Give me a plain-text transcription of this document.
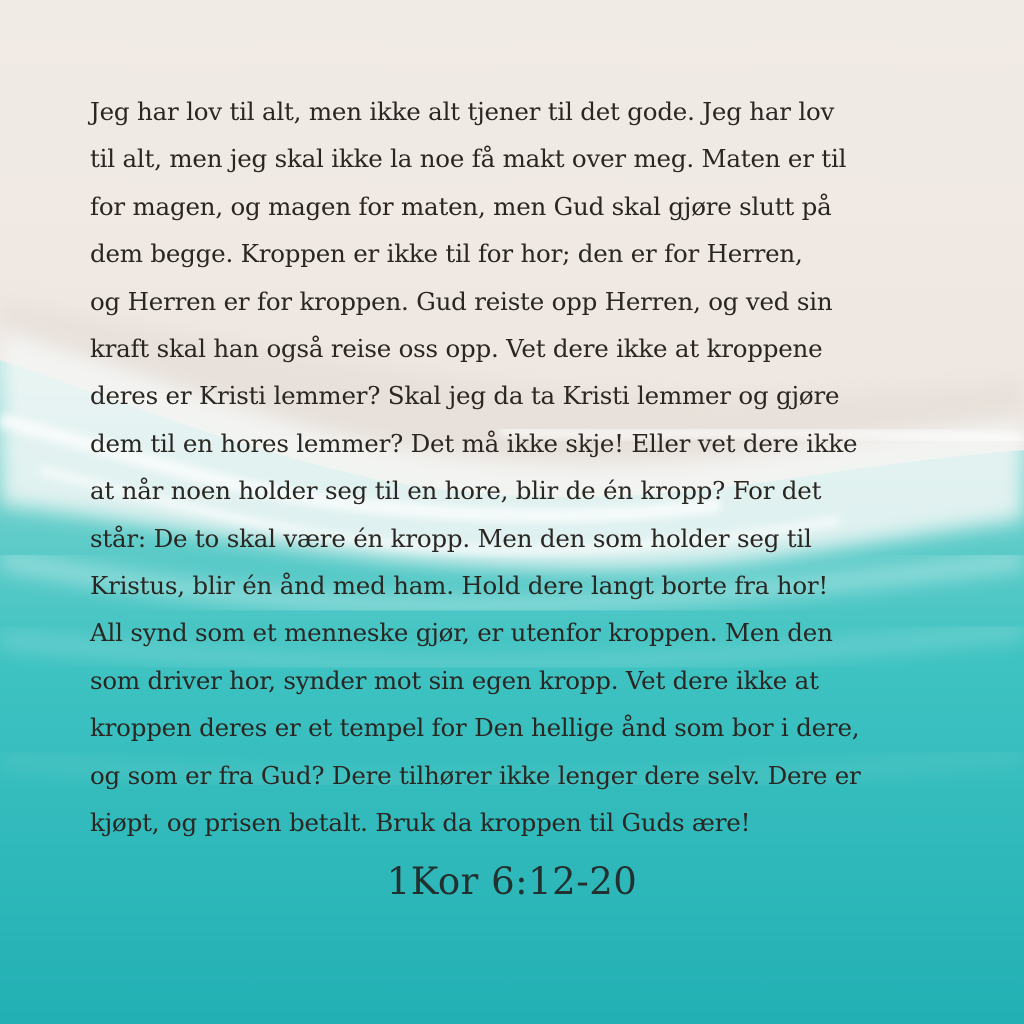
Jeg har lov til alt, men ikke alt tjener til det gode. Jeg har lov
til alt, men jeg skal ikke la noe få makt over meg. Maten er til
for magen, og magen for maten, men Gud skal gjøre slutt på
dem begge. Kroppen er ikke til for hor; den er for Herren,
og Herren er for kroppen. Gud reiste opp Herren, og ved sin
kraft skal han også reise oss opp. Vet dere ikke at kroppene
deres er Kristi lemmer? Skal jeg da ta Kristi lemmer og gjøre
dem til en hores lemmer? Det må ikke skje! Eller vet dere ikke
at når noen holder seg til en hore, blir de én kropp? For det
står: De to skal være én kropp. Men den som holder seg til
Kristus, blir én ånd med ham. Hold dere langt borte fra hor!
All synd som et menneske gjør, er utenfor kroppen. Men den
som driver hor, synder mot sin egen kropp. Vet dere ikke at
kroppen deres er et tempel for Den hellige ånd som bor i dere,
og som er fra Gud? Dere tilhører ikke lenger dere selv. Dere er
kjøpt, og prisen betalt. Bruk da kroppen til Guds ære!

1Kor 6:12-20
